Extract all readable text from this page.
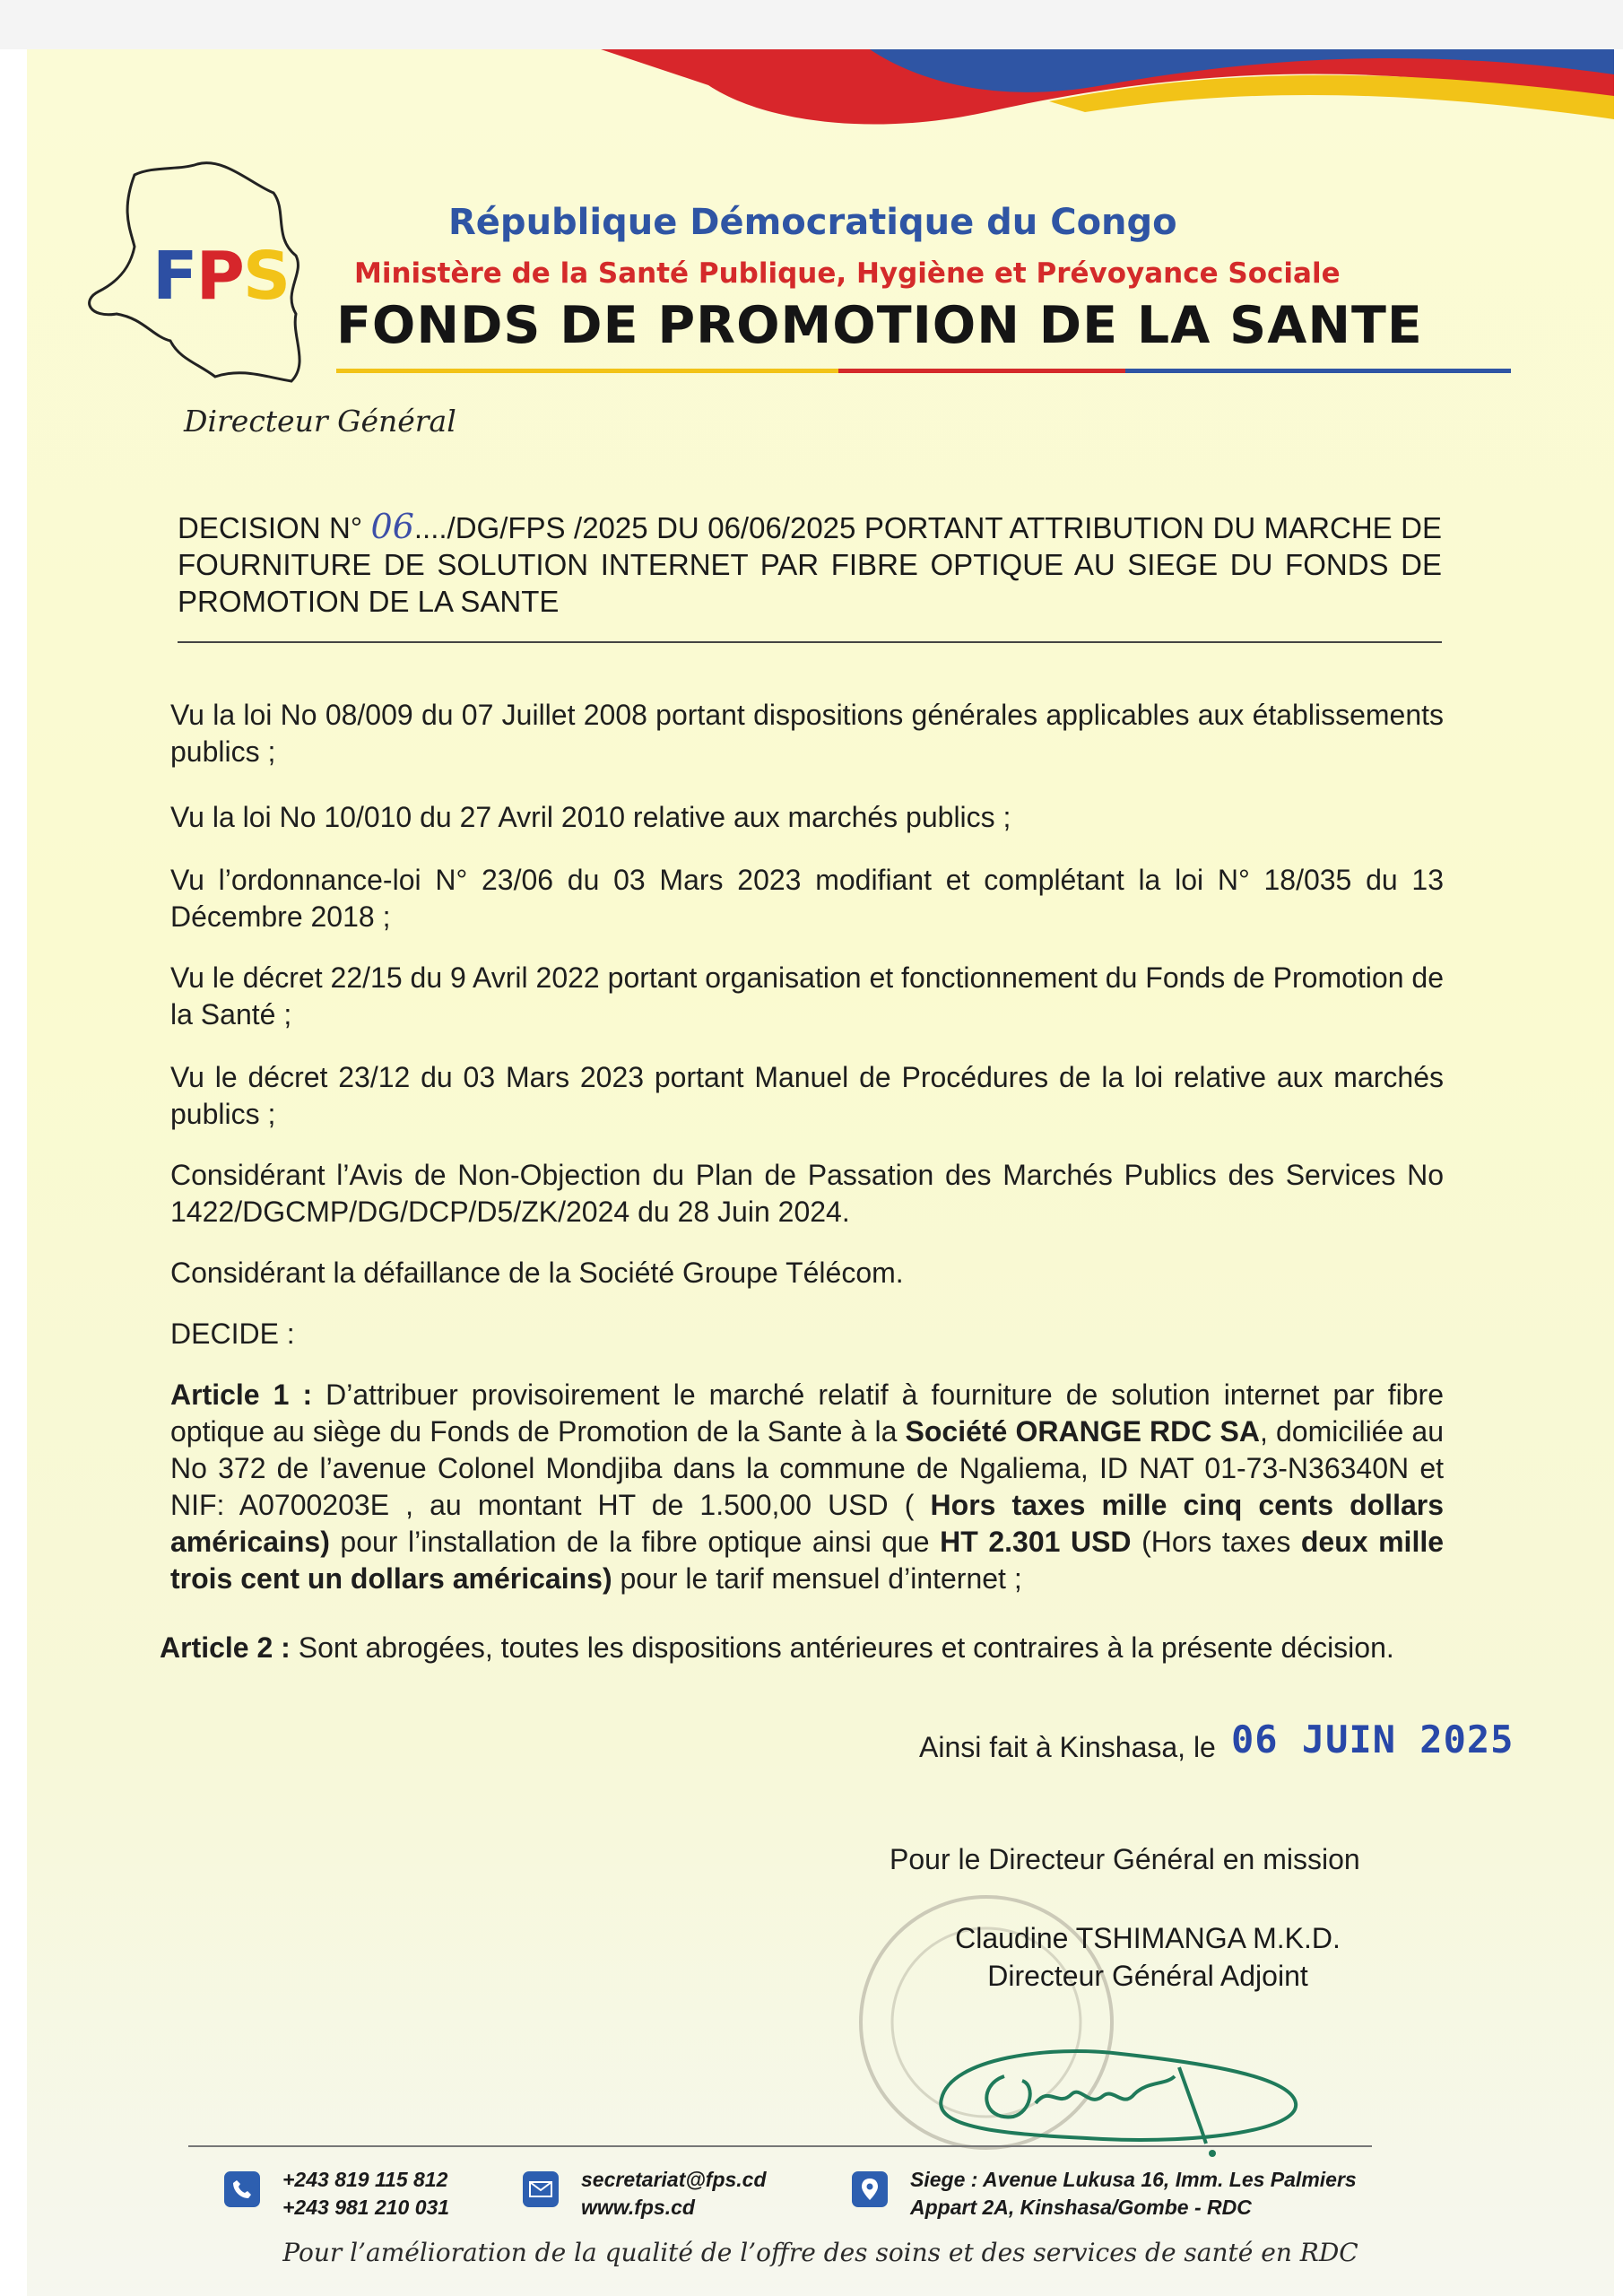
FPS
République Démocratique du Congo
Ministère de la Santé Publique, Hygiène et Prévoyance Sociale
FONDS DE PROMOTION DE LA SANTE
Directeur Général
DECISION N° 06..../DG/FPS /2025 DU 06/06/2025 PORTANT ATTRIBUTION DU MARCHE DE FOURNITURE DE SOLUTION INTERNET PAR FIBRE OPTIQUE AU SIEGE DU FONDS DE PROMOTION DE LA SANTE
Vu la loi No 08/009 du 07 Juillet 2008 portant dispositions générales applicables aux établissements publics ;
Vu la loi No 10/010 du 27 Avril 2010 relative aux marchés publics ;
Vu l’ordonnance-loi N° 23/06 du 03 Mars 2023 modifiant et complétant la loi N° 18/035 du 13 Décembre 2018 ;
Vu le décret 22/15 du 9 Avril 2022 portant organisation et fonctionnement du Fonds de Promotion de la Santé ;
Vu le décret 23/12 du 03 Mars 2023 portant Manuel de Procédures de la loi relative aux marchés publics ;
Considérant l’Avis de Non-Objection du Plan de Passation des Marchés Publics des Services No 1422/DGCMP/DG/DCP/D5/ZK/2024 du 28 Juin 2024.
Considérant la défaillance de la Société Groupe Télécom.
DECIDE :
Article 1 : D’attribuer provisoirement le marché relatif à fourniture de solution internet par fibre optique au siège du Fonds de Promotion de la Sante à la Société ORANGE RDC SA, domiciliée au No 372 de l’avenue Colonel Mondjiba dans la commune de Ngaliema, ID NAT 01-73-N36340N et NIF: A0700203E , au montant HT de 1.500,00 USD ( Hors taxes mille cinq cents dollars américains) pour l’installation de la fibre optique ainsi que HT 2.301 USD (Hors taxes deux mille trois cent un dollars américains) pour le tarif mensuel d’internet ;
Article 2 : Sont abrogées, toutes les dispositions antérieures et contraires à la présente décision.
Ainsi fait à Kinshasa, le 06 JUIN 2025
Pour le Directeur Général en mission
Claudine TSHIMANGA M.K.D.
Directeur Général Adjoint
+243 819 115 812
+243 981 210 031
secretariat@fps.cd
www.fps.cd
Siege : Avenue Lukusa 16, Imm. Les Palmiers
Appart 2A, Kinshasa/Gombe - RDC
Pour l’amélioration de la qualité de l’offre des soins et des services de santé en RDC
